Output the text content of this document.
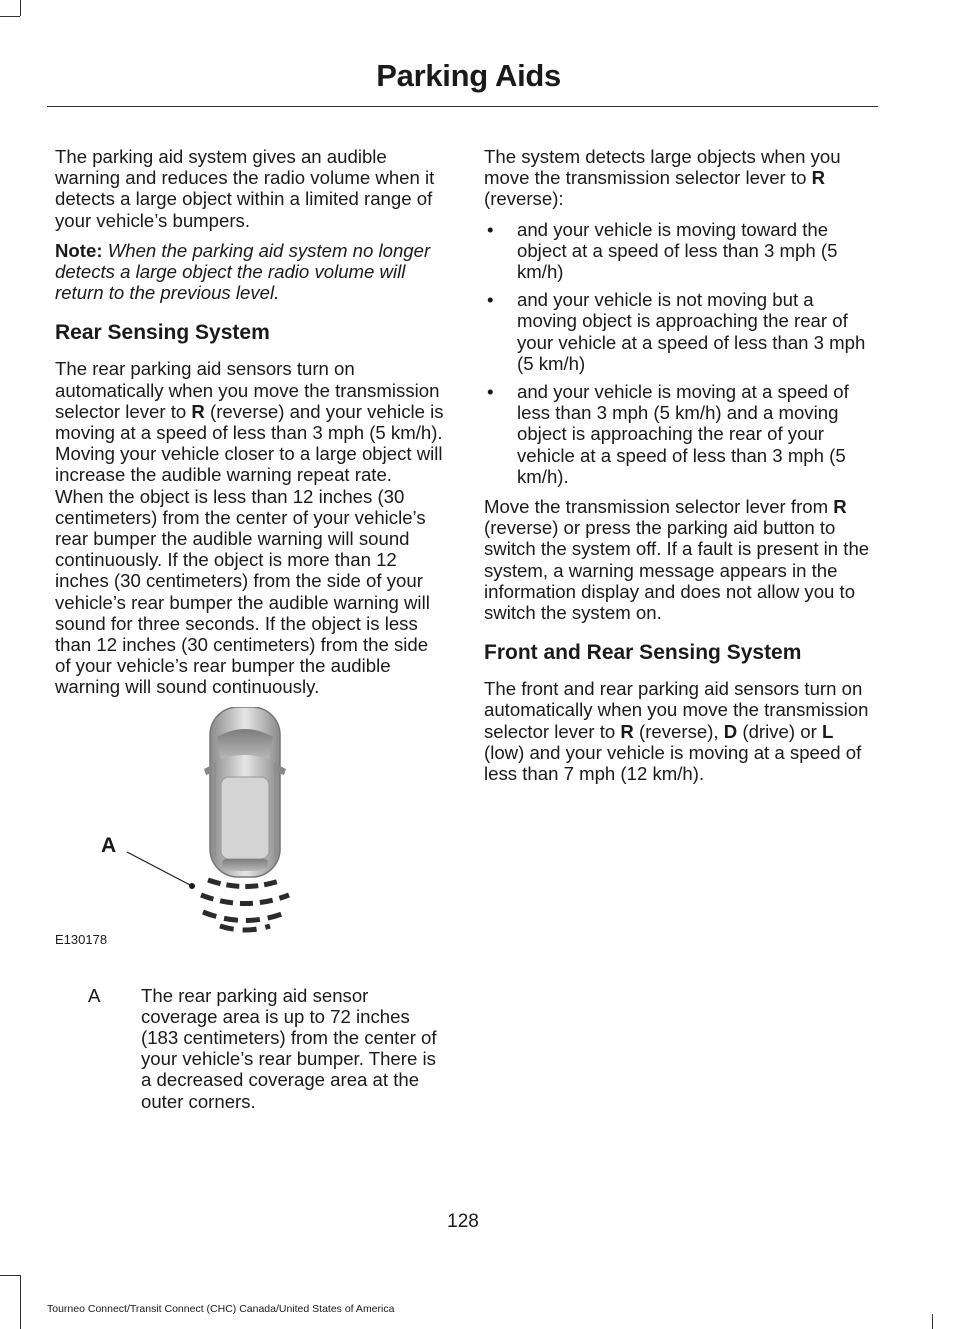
Parking Aids

The parking aid system gives an audible warning and reduces the radio volume when it detects a large object within a limited range of your vehicle’s bumpers.

Note: When the parking aid system no longer detects a large object the radio volume will return to the previous level.

Rear Sensing System

The rear parking aid sensors turn on automatically when you move the transmission selector lever to R (reverse) and your vehicle is moving at a speed of less than 3 mph (5 km/h). Moving your vehicle closer to a large object will increase the audible warning repeat rate. When the object is less than 12 inches (30 centimeters) from the center of your vehicle’s rear bumper the audible warning will sound continuously. If the object is more than 12 inches (30 centimeters) from the side of your vehicle’s rear bumper the audible warning will sound for three seconds. If the object is less than 12 inches (30 centimeters) from the side of your vehicle’s rear bumper the audible warning will sound continuously.

A
E130178
A	The rear parking aid sensor coverage area is up to 72 inches (183 centimeters) from the center of your vehicle’s rear bumper. There is a decreased coverage area at the outer corners.

The system detects large objects when you move the transmission selector lever to R (reverse):

• and your vehicle is moving toward the object at a speed of less than 3 mph (5 km/h)
• and your vehicle is not moving but a moving object is approaching the rear of your vehicle at a speed of less than 3 mph (5 km/h)
• and your vehicle is moving at a speed of less than 3 mph (5 km/h) and a moving object is approaching the rear of your vehicle at a speed of less than 3 mph (5 km/h).

Move the transmission selector lever from R (reverse) or press the parking aid button to switch the system off. If a fault is present in the system, a warning message appears in the information display and does not allow you to switch the system on.

Front and Rear Sensing System

The front and rear parking aid sensors turn on automatically when you move the transmission selector lever to R (reverse), D (drive) or L (low) and your vehicle is moving at a speed of less than 7 mph (12 km/h).

128
Tourneo Connect/Transit Connect (CHC) Canada/United States of America
